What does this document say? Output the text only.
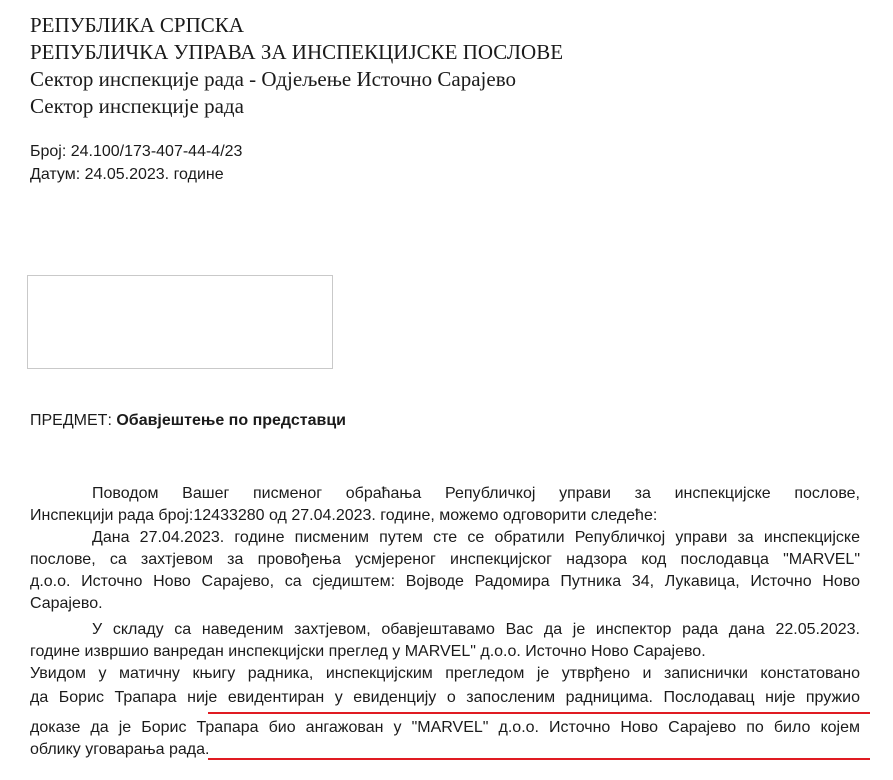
РЕПУБЛИКА СРПСКА
РЕПУБЛИЧКА УПРАВА ЗА ИНСПЕКЦИЈСКЕ ПОСЛОВЕ
Сектор инспекције рада - Одјељење Источно Сарајево
Сектор инспекције рада
Број: 24.100/173-407-44-4/23
Датум: 24.05.2023. године
ПРЕДМЕТ: Обавјештење по представци
Поводом Вашег писменог обраћања Републичкој управи за инспекцијске послове,
Инспекцији рада број:12433280 од 27.04.2023. године, можемо одговорити следеће:
Дана 27.04.2023. године писменим путем сте се обратили Републичкој управи за инспекцијске
послове, са захтјевом за провођења усмјереног инспекцијског надзора код послодавца "MARVEL"
д.о.о. Источно Ново Сарајево, са сједиштем: Војводе Радомира Путника 34, Лукавица, Источно Ново
Сарајево.
У складу са наведеним захтјевом, обавјештавамо Вас да је инспектор рада дана 22.05.2023.
године извршио ванредан инспекцијски преглед у MARVEL" д.о.о. Источно Ново Сарајево.
Увидом у матичну књигу радника, инспекцијским прегледом је утврђено и записнички констатовано
да Борис Трапара није евидентиран у евиденцију о запосленим радницима. Послодавац није пружио
доказе да је Борис Трапара био ангажован у "MARVEL" д.о.о. Источно Ново Сарајево по било којем
облику уговарања рада.
